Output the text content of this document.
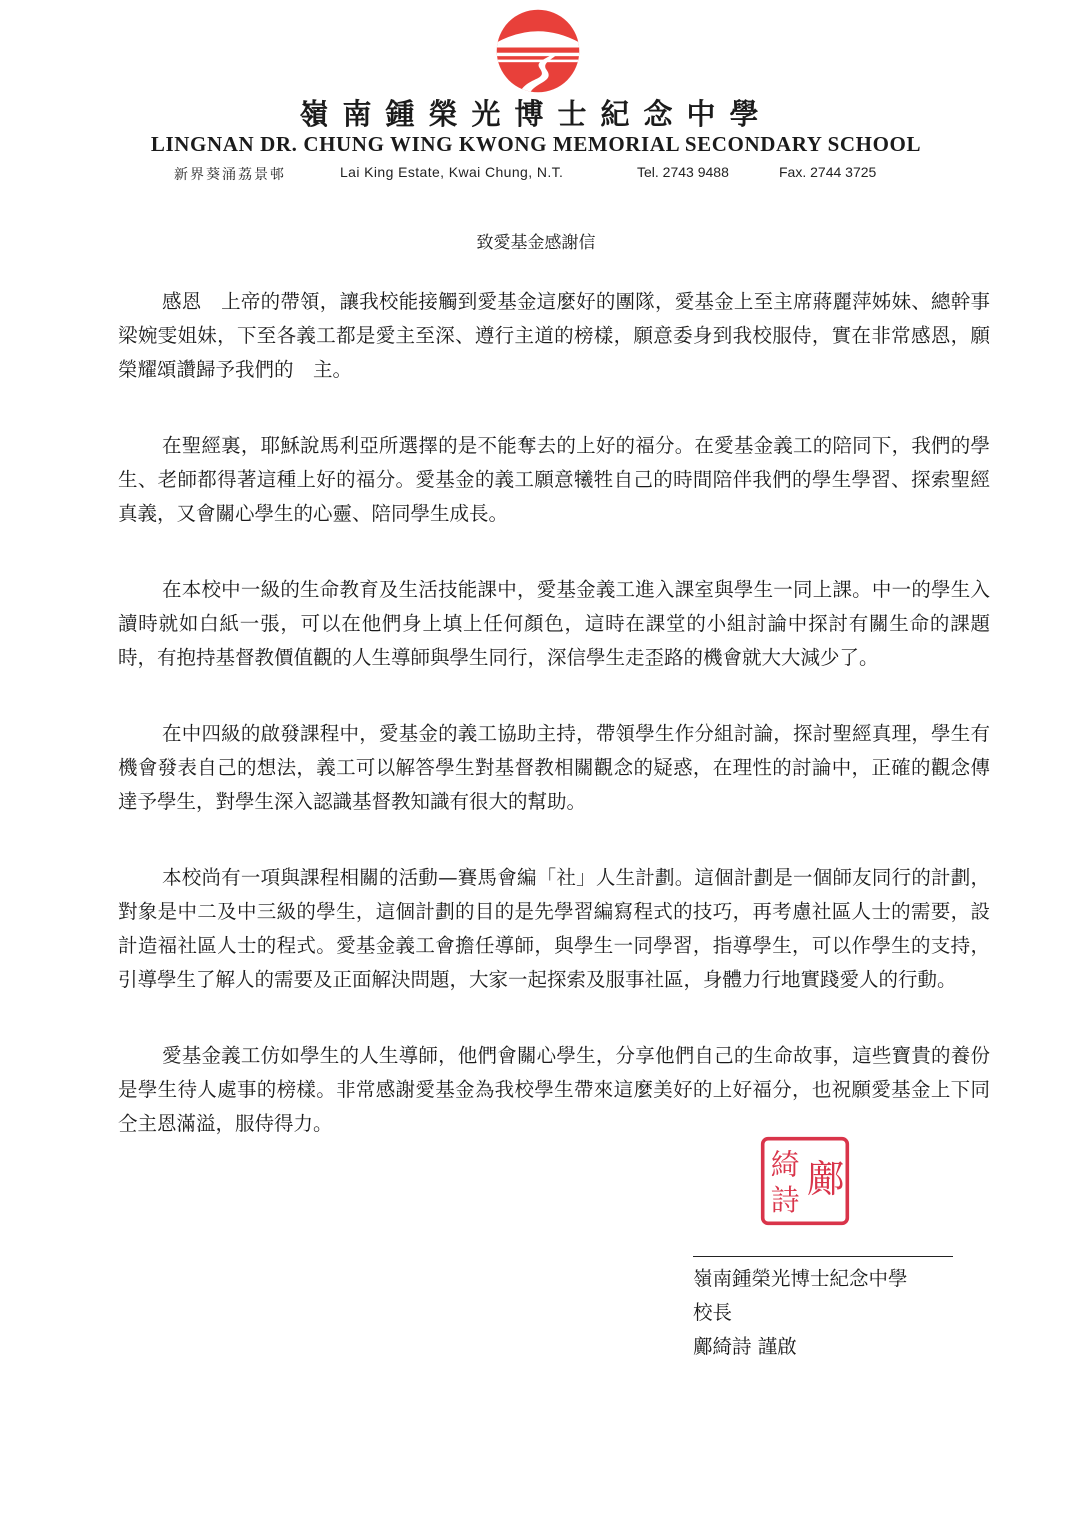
嶺南鍾榮光博士紀念中學
LINGNAN DR. CHUNG WING KWONG MEMORIAL SECONDARY SCHOOL
新界葵涌荔景邨	Lai King Estate, Kwai Chung, N.T.	Tel. 2743 9488	Fax. 2744 3725
致愛基金感謝信

感恩　上帝的帶領，讓我校能接觸到愛基金這麼好的團隊，愛基金上至主席蔣麗萍姊妹、總幹事梁婉雯姐妹，下至各義工都是愛主至深、遵行主道的榜樣，願意委身到我校服侍，實在非常感恩，願榮耀頌讚歸予我們的　主。

在聖經裏，耶穌說馬利亞所選擇的是不能奪去的上好的福分。在愛基金義工的陪同下，我們的學生、老師都得著這種上好的福分。愛基金的義工願意犧牲自己的時間陪伴我們的學生學習、探索聖經真義，又會關心學生的心靈、陪同學生成長。

在本校中一級的生命教育及生活技能課中，愛基金義工進入課室與學生一同上課。中一的學生入讀時就如白紙一張，可以在他們身上填上任何顏色，這時在課堂的小組討論中探討有關生命的課題時，有抱持基督教價值觀的人生導師與學生同行，深信學生走歪路的機會就大大減少了。

在中四級的啟發課程中，愛基金的義工協助主持，帶領學生作分組討論，探討聖經真理，學生有機會發表自己的想法，義工可以解答學生對基督教相關觀念的疑惑，在理性的討論中，正確的觀念傳達予學生，對學生深入認識基督教知識有很大的幫助。

本校尚有一項與課程相關的活動—賽馬會編「社」人生計劃。這個計劃是一個師友同行的計劃，對象是中二及中三級的學生，這個計劃的目的是先學習編寫程式的技巧，再考慮社區人士的需要，設計造福社區人士的程式。愛基金義工會擔任導師，與學生一同學習，指導學生，可以作學生的支持，引導學生了解人的需要及正面解決問題，大家一起探索及服事社區，身體力行地實踐愛人的行動。

愛基金義工仿如學生的人生導師，他們會關心學生，分享他們自己的生命故事，這些寶貴的養份是學生待人處事的榜樣。非常感謝愛基金為我校學生帶來這麼美好的上好福分，也祝願愛基金上下同仝主恩滿溢，服侍得力。

鄺
綺
詩
嶺南鍾榮光博士紀念中學
校長
鄺綺詩 謹啟
